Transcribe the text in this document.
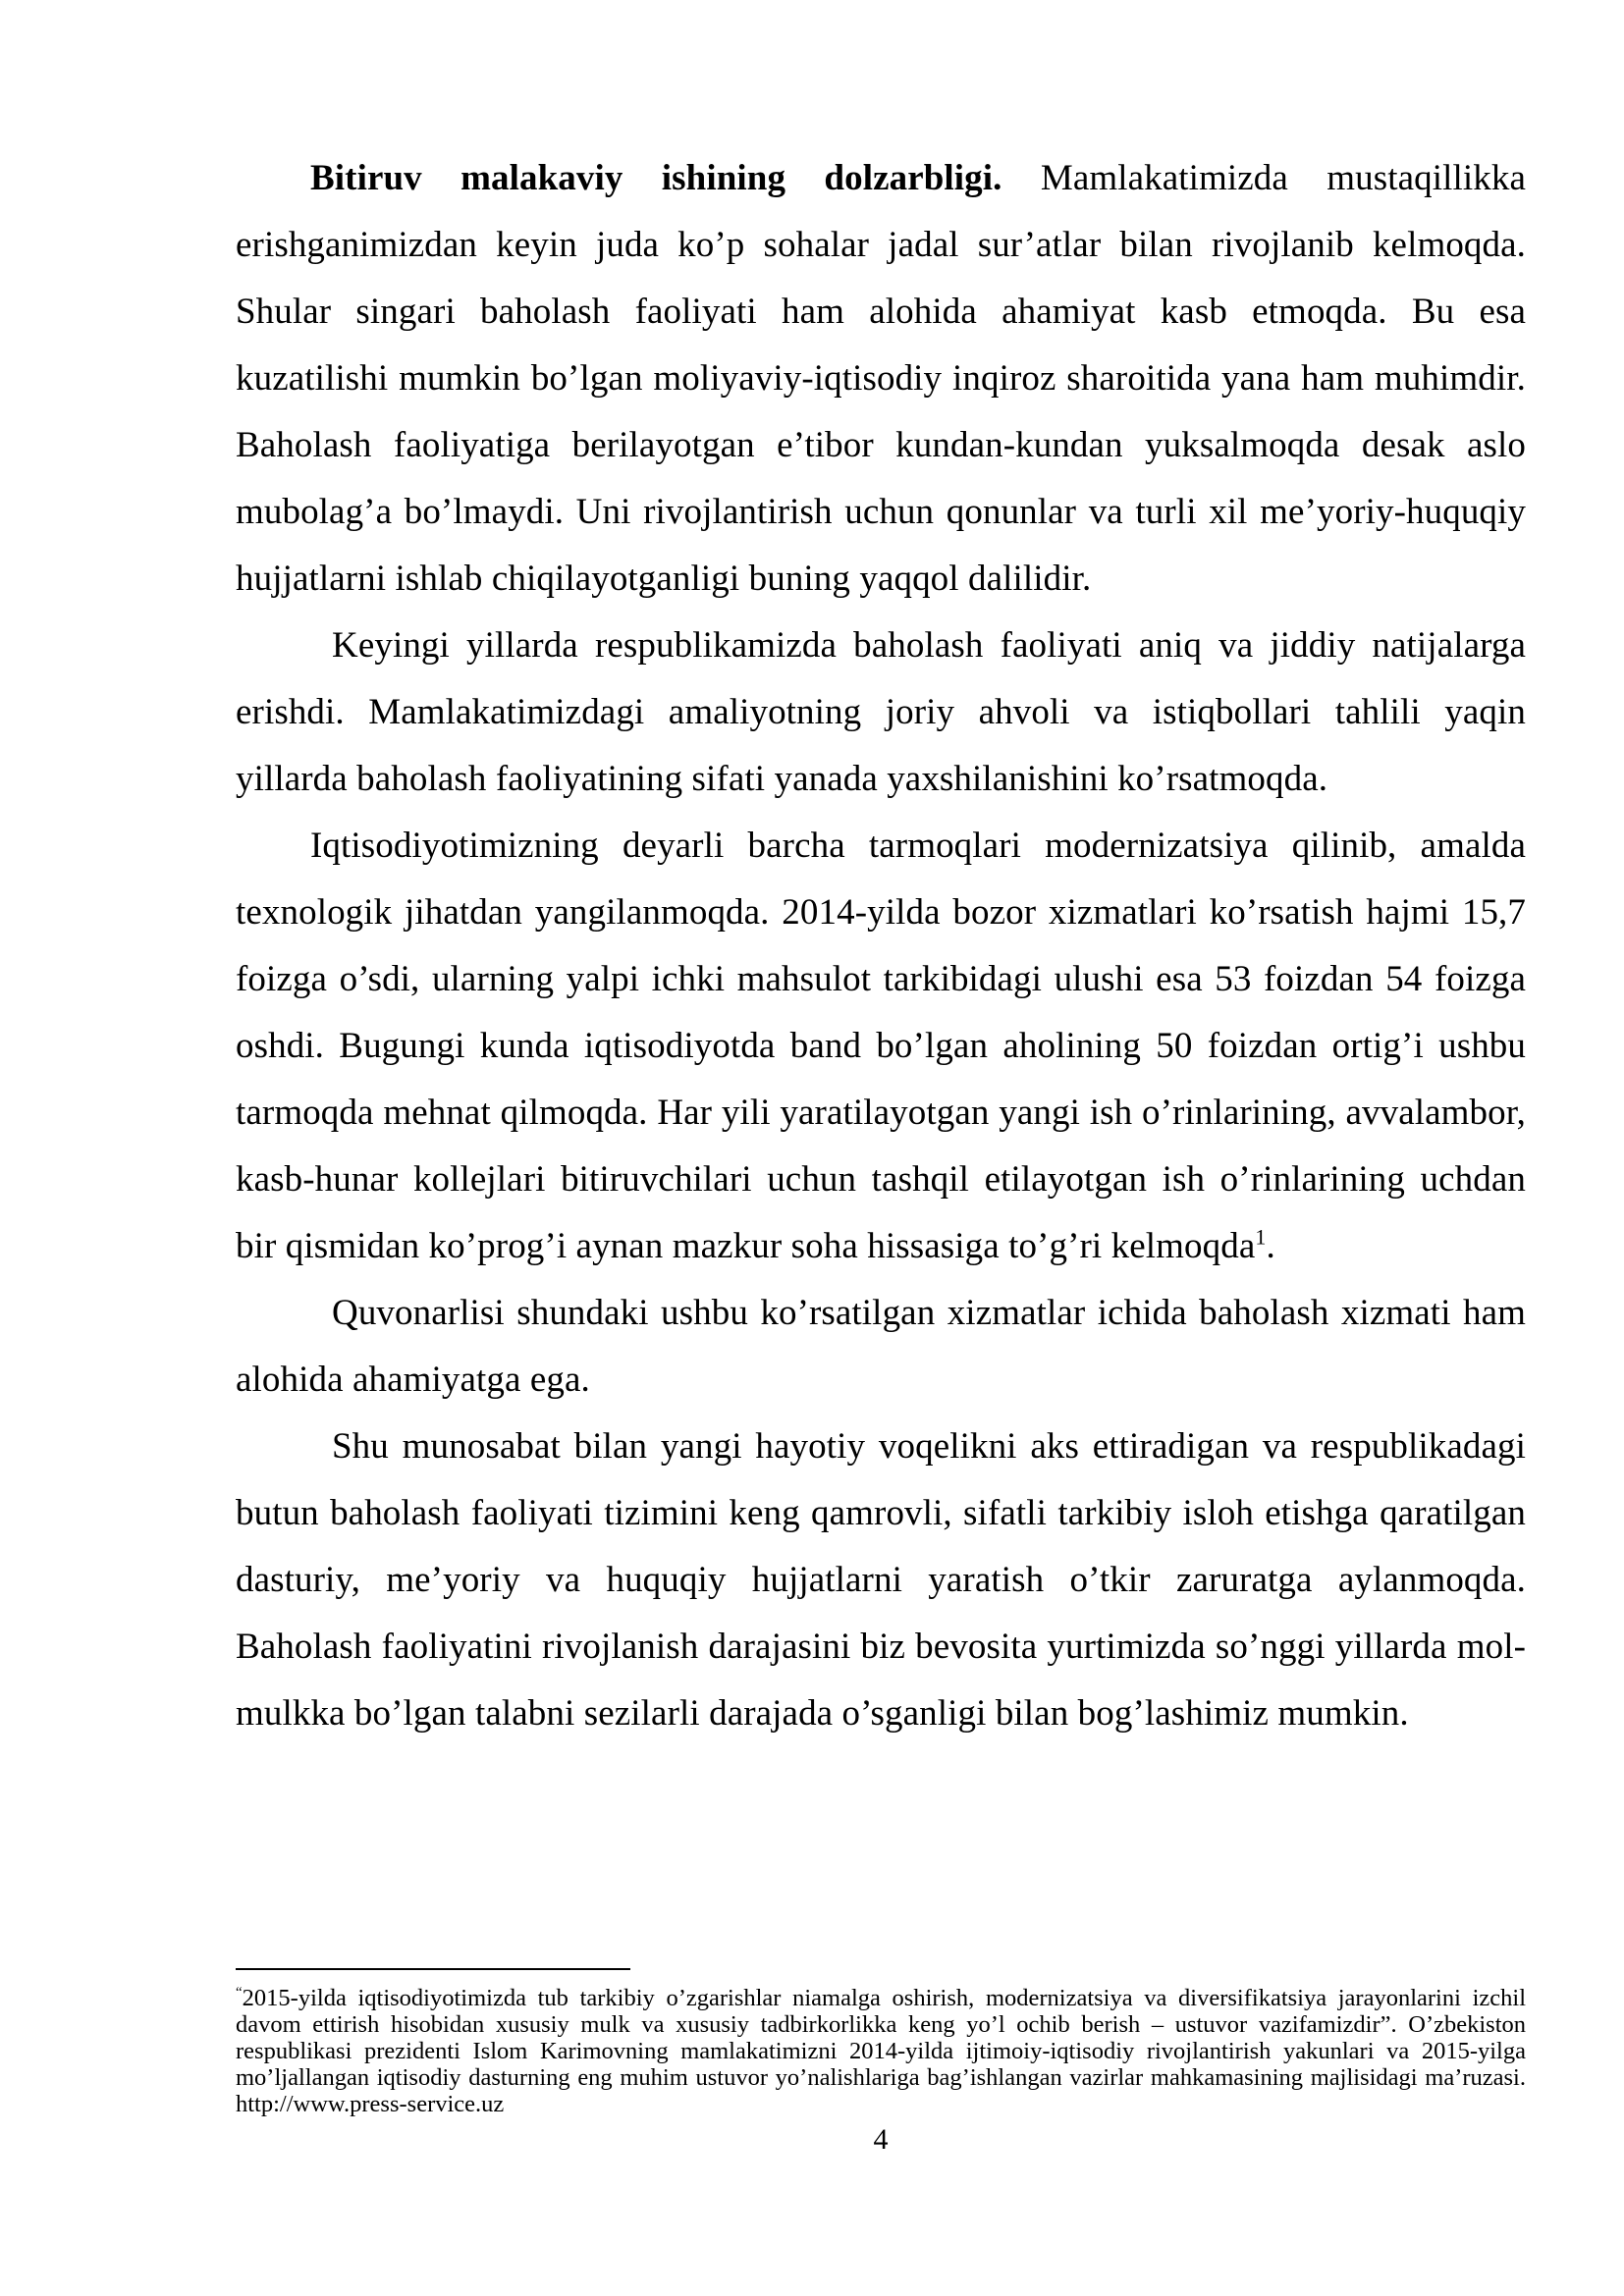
Bitiruv malakaviy ishining dolzarbligi. Mamlakatimizda mustaqillikka erishganimizdan keyin juda ko’p sohalar jadal sur’atlar bilan rivojlanib kelmoqda. Shular singari baholash faoliyati ham alohida ahamiyat kasb etmoqda. Bu esa kuzatilishi mumkin bo’lgan moliyaviy-iqtisodiy inqiroz sharoitida yana ham muhimdir. Baholash faoliyatiga berilayotgan e’tibor kundan-kundan yuksalmoqda desak aslo mubolag’a bo’lmaydi. Uni rivojlantirish uchun qonunlar va turli xil me’yoriy-huquqiy hujjatlarni ishlab chiqilayotganligi buning yaqqol dalilidir.

Keyingi yillarda respublikamizda baholash faoliyati aniq va jiddiy natijalarga erishdi. Mamlakatimizdagi amaliyotning joriy ahvoli va istiqbollari tahlili yaqin yillarda baholash faoliyatining sifati yanada yaxshilanishini ko’rsatmoqda.

Iqtisodiyotimizning deyarli barcha tarmoqlari modernizatsiya qilinib, amalda texnologik jihatdan yangilanmoqda. 2014-yilda bozor xizmatlari ko’rsatish hajmi 15,7 foizga o’sdi, ularning yalpi ichki mahsulot tarkibidagi ulushi esa 53 foizdan 54 foizga oshdi. Bugungi kunda iqtisodiyotda band bo’lgan aholining 50 foizdan ortig’i ushbu tarmoqda mehnat qilmoqda. Har yili yaratilayotgan yangi ish o’rinlarining, avvalambor, kasb-hunar kollejlari bitiruvchilari uchun tashqil etilayotgan ish o’rinlarining uchdan bir qismidan ko’prog’i aynan mazkur soha hissasiga to’g’ri kelmoqda$^1$.

Quvonarlisi shundaki ushbu ko’rsatilgan xizmatlar ichida baholash xizmati ham alohida ahamiyatga ega.

Shu munosabat bilan yangi hayotiy voqelikni aks ettiradigan va respublikadagi butun baholash faoliyati tizimini keng qamrovli, sifatli tarkibiy isloh etishga qaratilgan dasturiy, me’yoriy va huquqiy hujjatlarni yaratish o’tkir zaruratga aylanmoqda. Baholash faoliyatini rivojlanish darajasini biz bevosita yurtimizda so’nggi yillarda mol-mulkka bo’lgan talabni sezilarli darajada o’sganligi bilan bog’lashimiz mumkin.

“2015-yilda iqtisodiyotimizda tub tarkibiy o’zgarishlar niamalga oshirish, modernizatsiya va diversifikatsiya jarayonlarini izchil davom ettirish hisobidan xususiy mulk va xususiy tadbirkorlikka keng yo’l ochib berish – ustuvor vazifamizdir”. O’zbekiston respublikasi prezidenti Islom Karimovning mamlakatimizni 2014-yilda ijtimoiy-iqtisodiy rivojlantirish yakunlari va 2015-yilga mo’ljallangan iqtisodiy dasturning eng muhim ustuvor yo’nalishlariga bag’ishlangan vazirlar mahkamasining majlisidagi ma’ruzasi. http://www.press-service.uz

4
